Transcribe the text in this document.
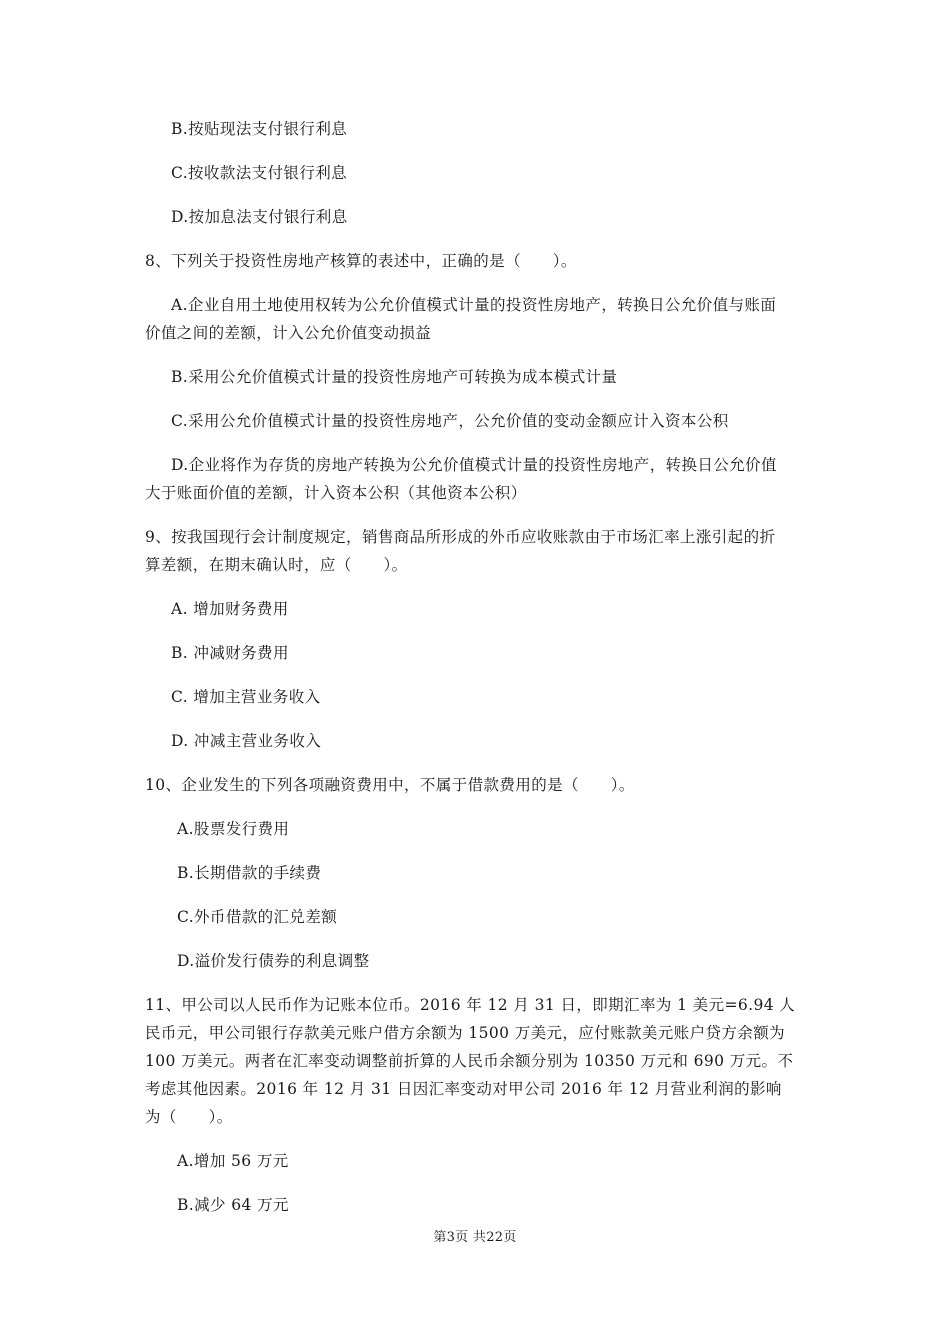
B.按贴现法支付银行利息
C.按收款法支付银行利息
D.按加息法支付银行利息
8、下列关于投资性房地产核算的表述中，正确的是（　　）。
A.企业自用土地使用权转为公允价值模式计量的投资性房地产，转换日公允价值与账面
价值之间的差额，计入公允价值变动损益
B.采用公允价值模式计量的投资性房地产可转换为成本模式计量
C.采用公允价值模式计量的投资性房地产，公允价值的变动金额应计入资本公积
D.企业将作为存货的房地产转换为公允价值模式计量的投资性房地产，转换日公允价值
大于账面价值的差额，计入资本公积（其他资本公积）
9、按我国现行会计制度规定，销售商品所形成的外币应收账款由于市场汇率上涨引起的折
算差额，在期末确认时，应（　　）。
A. 增加财务费用
B. 冲减财务费用
C. 增加主营业务收入
D. 冲减主营业务收入
10、企业发生的下列各项融资费用中，不属于借款费用的是（　　）。
A.股票发行费用
B.长期借款的手续费
C.外币借款的汇兑差额
D.溢价发行债券的利息调整
11、甲公司以人民币作为记账本位币。2016 年 12 月 31 日，即期汇率为 1 美元=6.94 人
民币元，甲公司银行存款美元账户借方余额为 1500 万美元，应付账款美元账户贷方余额为
100 万美元。两者在汇率变动调整前折算的人民币余额分别为 10350 万元和 690 万元。不
考虑其他因素。2016 年 12 月 31 日因汇率变动对甲公司 2016 年 12 月营业利润的影响
为（　　）。
A.增加 56 万元
B.减少 64 万元
第3页 共22页
